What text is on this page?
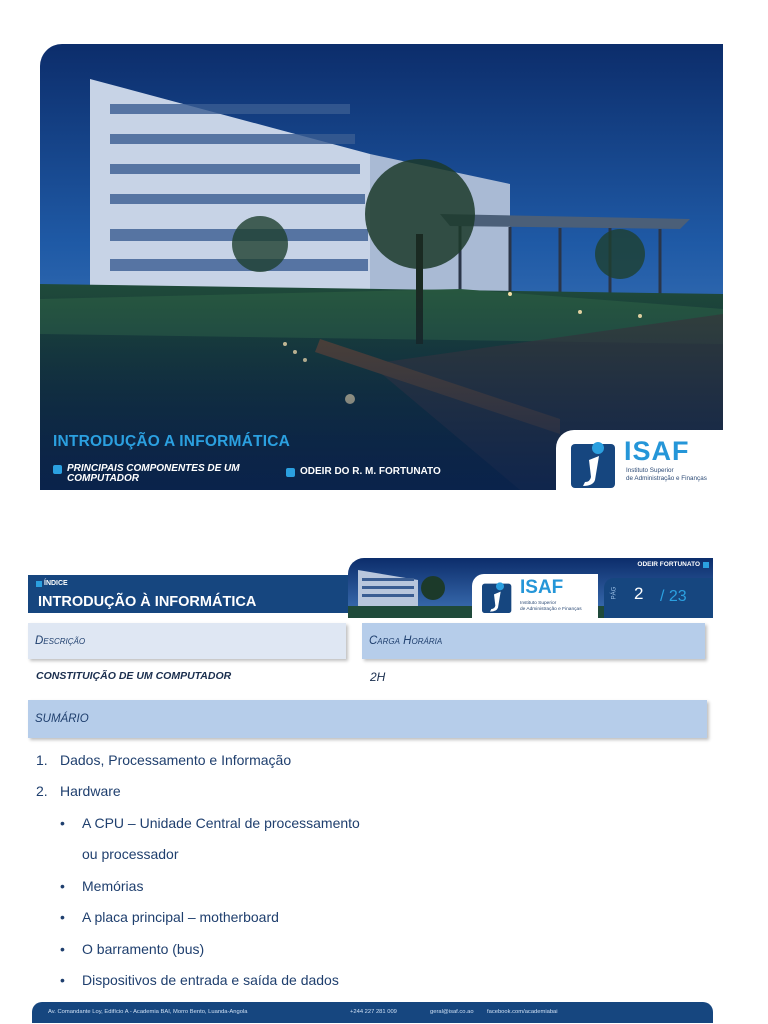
INTRODUÇÃO A INFORMÁTICA
PRINCIPAIS COMPONENTES DE UM COMPUTADOR
ODEIR DO R. M. FORTUNATO
ISAF
Instituto Superior
de Administração e Finanças
ÍNDICE
INTRODUÇÃO À INFORMÁTICA
ODEIR FORTUNATO
ISAF
Instituto Superior
de Administração e Finanças
PÁG 2 / 23
Descrição	Carga Horária
CONSTITUIÇÃO DE UM COMPUTADOR	2H
SUMÁRIO
1. Dados, Processamento e Informação
2. Hardware
• A CPU – Unidade Central de processamento
ou processador
• Memórias
• A placa principal – motherboard
• O barramento (bus)
• Dispositivos de entrada e saída de dados
Av. Comandante Loy, Edifício A - Academia BAI, Morro Bento, Luanda-Angola	+244 227 281 009	geral@isaf.co.ao facebook.com/academiabai
